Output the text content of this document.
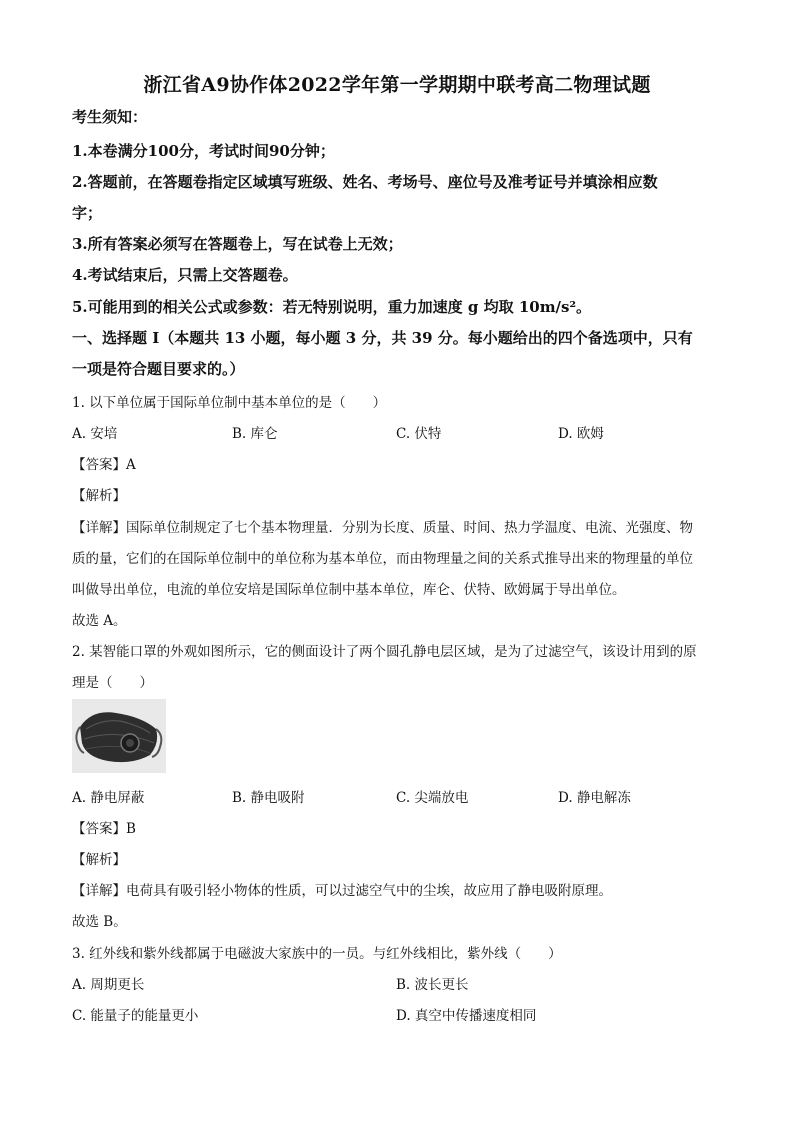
浙江省A9协作体2022学年第一学期期中联考高二物理试题
考生须知：
1.本卷满分100分，考试时间90分钟；
2.答题前，在答题卷指定区域填写班级、姓名、考场号、座位号及准考证号并填涂相应数
字；
3.所有答案必须写在答题卷上，写在试卷上无效；
4.考试结束后，只需上交答题卷。
5.可能用到的相关公式或参数：若无特别说明，重力加速度 g 均取 10m/s²。
一、选择题 I（本题共 13 小题，每小题 3 分，共 39 分。每小题给出的四个备选项中，只有
一项是符合题目要求的。）
1. 以下单位属于国际单位制中基本单位的是（　　）
A. 安培	B. 库仑	C. 伏特	D. 欧姆
【答案】A
【解析】
【详解】国际单位制规定了七个基本物理量．分别为长度、质量、时间、热力学温度、电流、光强度、物
质的量，它们的在国际单位制中的单位称为基本单位，而由物理量之间的关系式推导出来的物理量的单位
叫做导出单位，电流的单位安培是国际单位制中基本单位，库仑、伏特、欧姆属于导出单位。
故选 A。
2. 某智能口罩的外观如图所示，它的侧面设计了两个圆孔静电层区域，是为了过滤空气，该设计用到的原
理是（　　）
A. 静电屏蔽	B. 静电吸附	C. 尖端放电	D. 静电解冻
【答案】B
【解析】
【详解】电荷具有吸引轻小物体的性质，可以过滤空气中的尘埃，故应用了静电吸附原理。
故选 B。
3. 红外线和紫外线都属于电磁波大家族中的一员。与红外线相比，紫外线（　　）
A. 周期更长	B. 波长更长
C. 能量子的能量更小	D. 真空中传播速度相同
